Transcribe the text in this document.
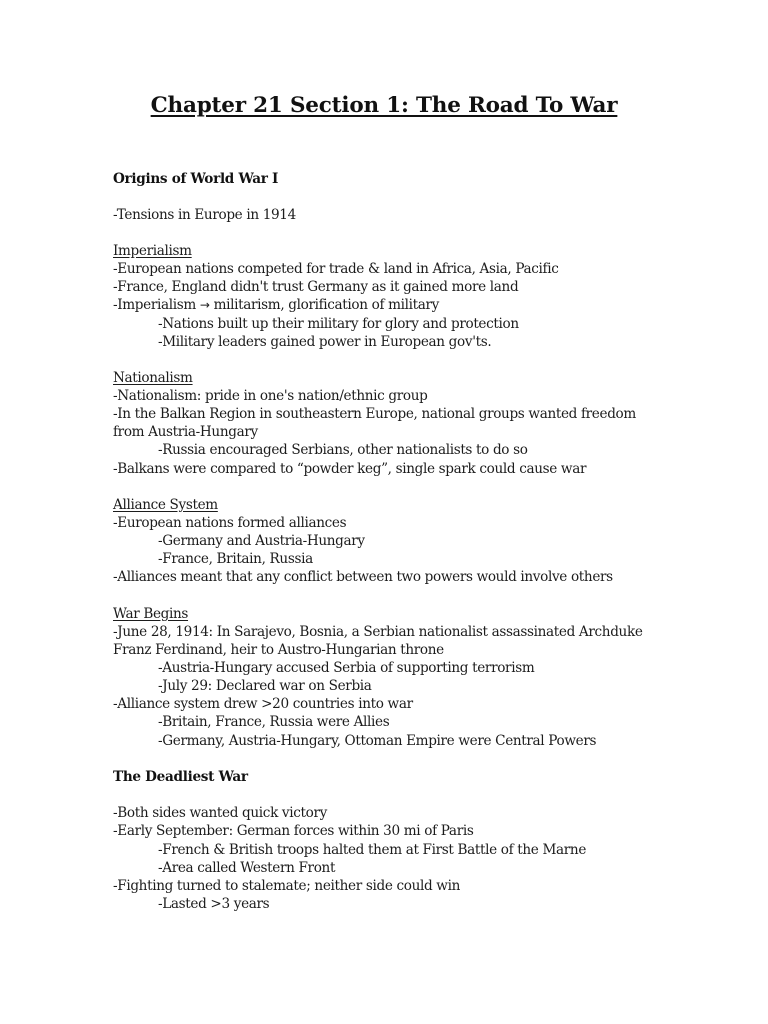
Chapter 21 Section 1: The Road To War
Origins of World War I
-Tensions in Europe in 1914
Imperialism
-European nations competed for trade & land in Africa, Asia, Pacific
-France, England didn't trust Germany as it gained more land
-Imperialism → militarism, glorification of military
-Nations built up their military for glory and protection
-Military leaders gained power in European gov'ts.
Nationalism
-Nationalism: pride in one's nation/ethnic group
-In the Balkan Region in southeastern Europe, national groups wanted freedom
from Austria-Hungary
-Russia encouraged Serbians, other nationalists to do so
-Balkans were compared to “powder keg”, single spark could cause war
Alliance System
-European nations formed alliances
-Germany and Austria-Hungary
-France, Britain, Russia
-Alliances meant that any conflict between two powers would involve others
War Begins
-June 28, 1914: In Sarajevo, Bosnia, a Serbian nationalist assassinated Archduke
Franz Ferdinand, heir to Austro-Hungarian throne
-Austria-Hungary accused Serbia of supporting terrorism
-July 29: Declared war on Serbia
-Alliance system drew >20 countries into war
-Britain, France, Russia were Allies
-Germany, Austria-Hungary, Ottoman Empire were Central Powers
The Deadliest War
-Both sides wanted quick victory
-Early September: German forces within 30 mi of Paris
-French & British troops halted them at First Battle of the Marne
-Area called Western Front
-Fighting turned to stalemate; neither side could win
-Lasted >3 years
